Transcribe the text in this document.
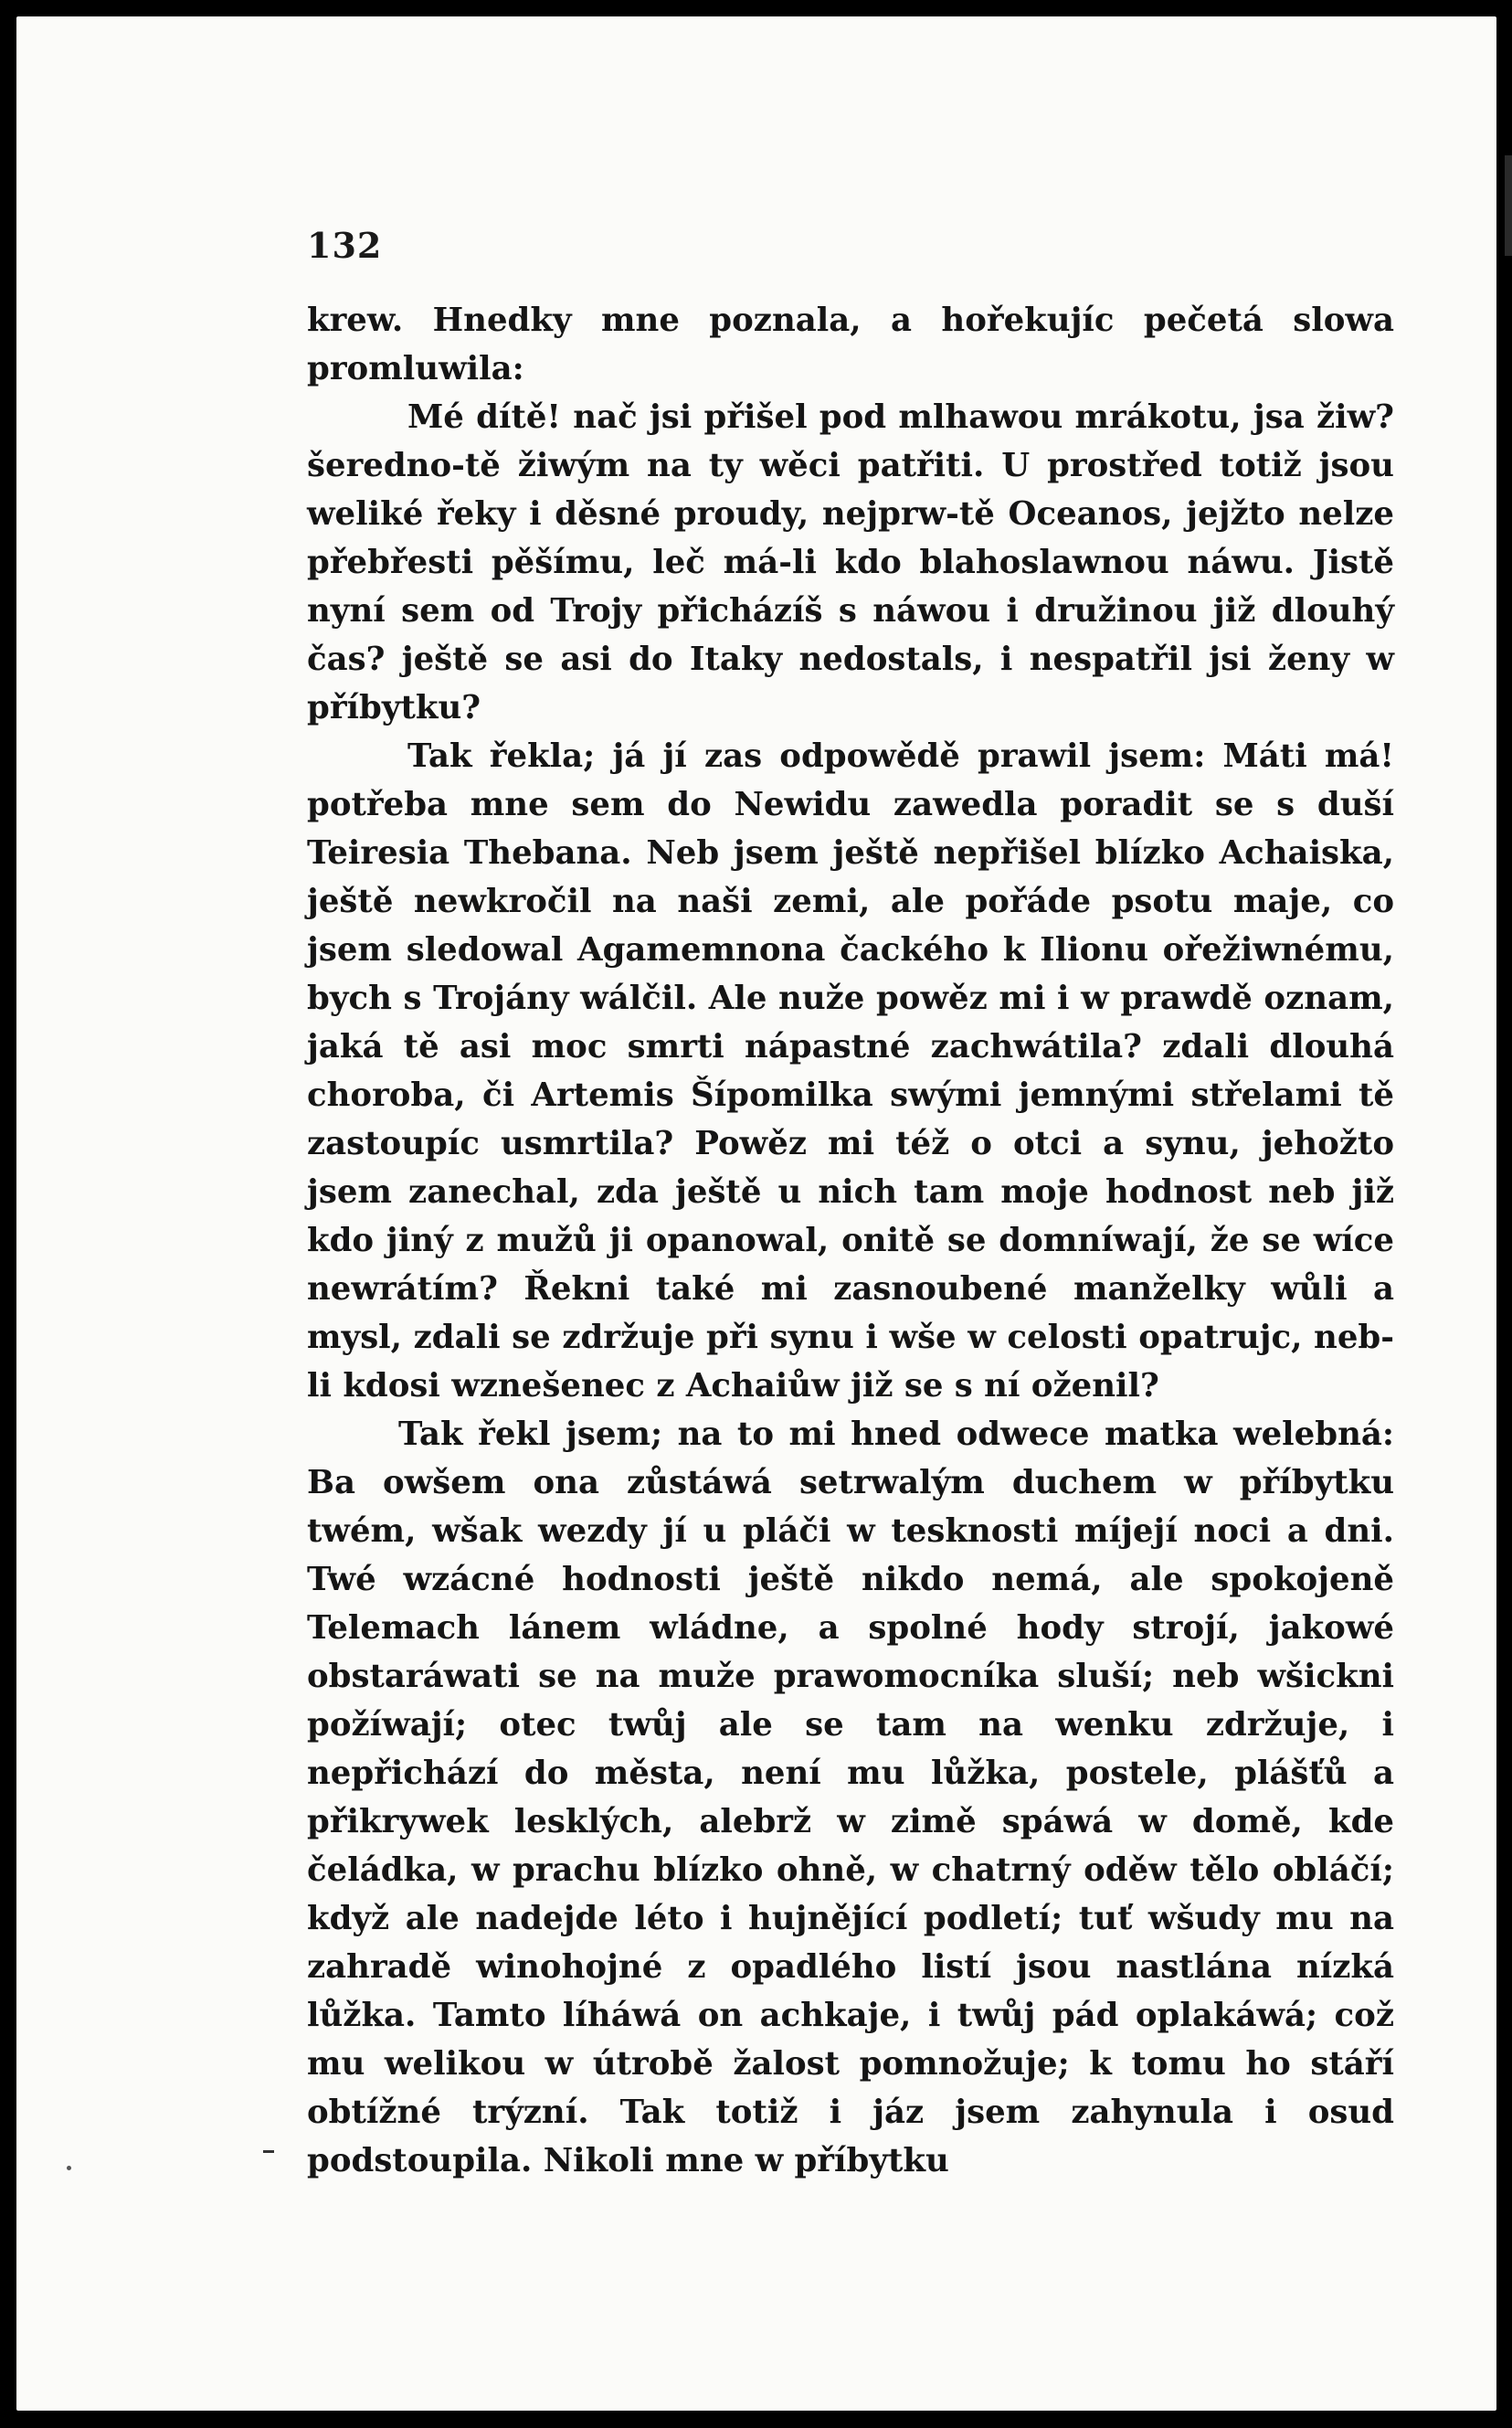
132

krew. Hnedky mne poznala, a hořekujíc pečetá slowa promluwila:

Mé dítě! nač jsi přišel pod mlhawou mrákotu, jsa žiw? šeredno-tě žiwým na ty wěci patřiti. U prostřed totiž jsou weliké řeky i děsné proudy, nejprw-tě Oceanos, jejžto nelze přebřesti pěšímu, leč má-li kdo blahoslawnou náwu. Jistě nyní sem od Trojy přicházíš s náwou i družinou již dlouhý čas? ještě se asi do Itaky nedostals, i nespatřil jsi ženy w příbytku?

Tak řekla; já jí zas odpowědě prawil jsem: Máti má! potřeba mne sem do Newidu zawedla poradit se s duší Teiresia Thebana. Neb jsem ještě nepřišel blízko Achaiska, ještě newkročil na naši zemi, ale pořáde psotu maje, co jsem sledowal Agamemnona čackého k Ilionu ořežiwnému, bych s Trojány wálčil. Ale nuže powěz mi i w prawdě oznam, jaká tě asi moc smrti nápastné zachwátila? zdali dlouhá choroba, či Artemis Šípomilka swými jemnými střelami tě zastoupíc usmrtila? Powěz mi též o otci a synu, jehožto jsem zanechal, zda ještě u nich tam moje hodnost neb již kdo jiný z mužů ji opanowal, onitě se domníwají, že se wíce newrátím? Řekni také mi zasnoubené manželky wůli a mysl, zdali se zdržuje při synu i wše w celosti opatrujc, neb-li kdosi wznešenec z Achaiůw již se s ní oženil?

Tak řekl jsem; na to mi hned odwece matka welebná: Ba owšem ona zůstáwá setrwalým duchem w příbytku twém, wšak wezdy jí u pláči w tesknosti míjejí noci a dni. Twé wzácné hodnosti ještě nikdo nemá, ale spokojeně Telemach lánem wládne, a spolné hody strojí, jakowé obstaráwati se na muže prawomocníka sluší; neb wšickni požíwají; otec twůj ale se tam na wenku zdržuje, i nepřichází do města, není mu lůžka, postele, plášťů a přikrywek lesklých, alebrž w zimě spáwá w domě, kde čeládka, w prachu blízko ohně, w chatrný oděw tělo obláčí; když ale nadejde léto i hujnějící podletí; tuť wšudy mu na zahradě winohojné z opadlého listí jsou nastlána nízká lůžka. Tamto líháwá on achkaje, i twůj pád oplakáwá; což mu welikou w útrobě žalost pomnožuje; k tomu ho stáří obtížné trýzní. Tak totiž i jáz jsem zahynula i osud podstoupila. Nikoli mne w příbytku
